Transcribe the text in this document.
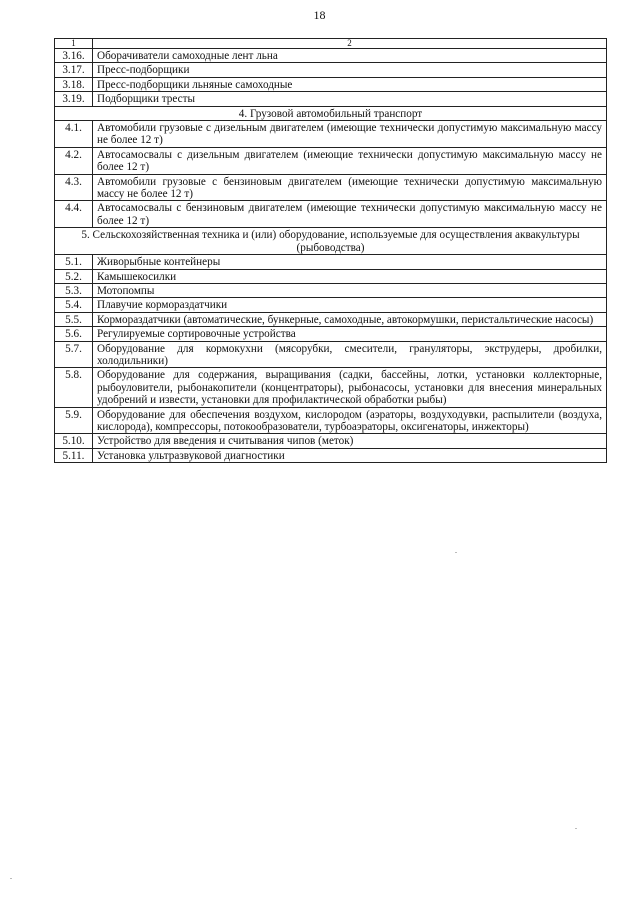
18
1	2
3.16.	Оборачиватели самоходные лент льна
3.17.	Пресс-подборщики
3.18.	Пресс-подборщики льняные самоходные
3.19.	Подборщики тресты
4. Грузовой автомобильный транспорт	
4.1.	Автомобили грузовые с дизельным двигателем (имеющие технически допустимую максимальную массу не более 12 т)
4.2.	Автосамосвалы с дизельным двигателем (имеющие технически допустимую максимальную массу не более 12 т)
4.3.	Автомобили грузовые с бензиновым двигателем (имеющие технически допустимую максимальную массу не более 12 т)
4.4.	Автосамосвалы с бензиновым двигателем (имеющие технически допустимую максимальную массу не более 12 т)
5. Сельскохозяйственная техника и (или) оборудование, используемые для осуществления аквакультуры (рыбоводства)	
5.1.	Живорыбные контейнеры
5.2.	Камышекосилки
5.3.	Мотопомпы
5.4.	Плавучие кормораздатчики
5.5.	Кормораздатчики (автоматические, бункерные, самоходные, автокормушки, перистальтические насосы)
5.6.	Регулируемые сортировочные устройства
5.7.	Оборудование для кормокухни (мясорубки, смесители, грануляторы, экструдеры, дробилки, холодильники)
5.8.	Оборудование для содержания, выращивания (садки, бассейны, лотки, установки коллекторные, рыбоуловители, рыбонакопители (концентраторы), рыбонасосы, установки для внесения минеральных удобрений и извести, установки для профилактической обработки рыбы)
5.9.	Оборудование для обеспечения воздухом, кислородом (аэраторы, воздуходувки, распылители (воздуха, кислорода), компрессоры, потокообразователи, турбоаэраторы, оксигенаторы, инжекторы)
5.10.	Устройство для введения и считывания чипов (меток)
5.11.	Установка ультразвуковой диагностики
